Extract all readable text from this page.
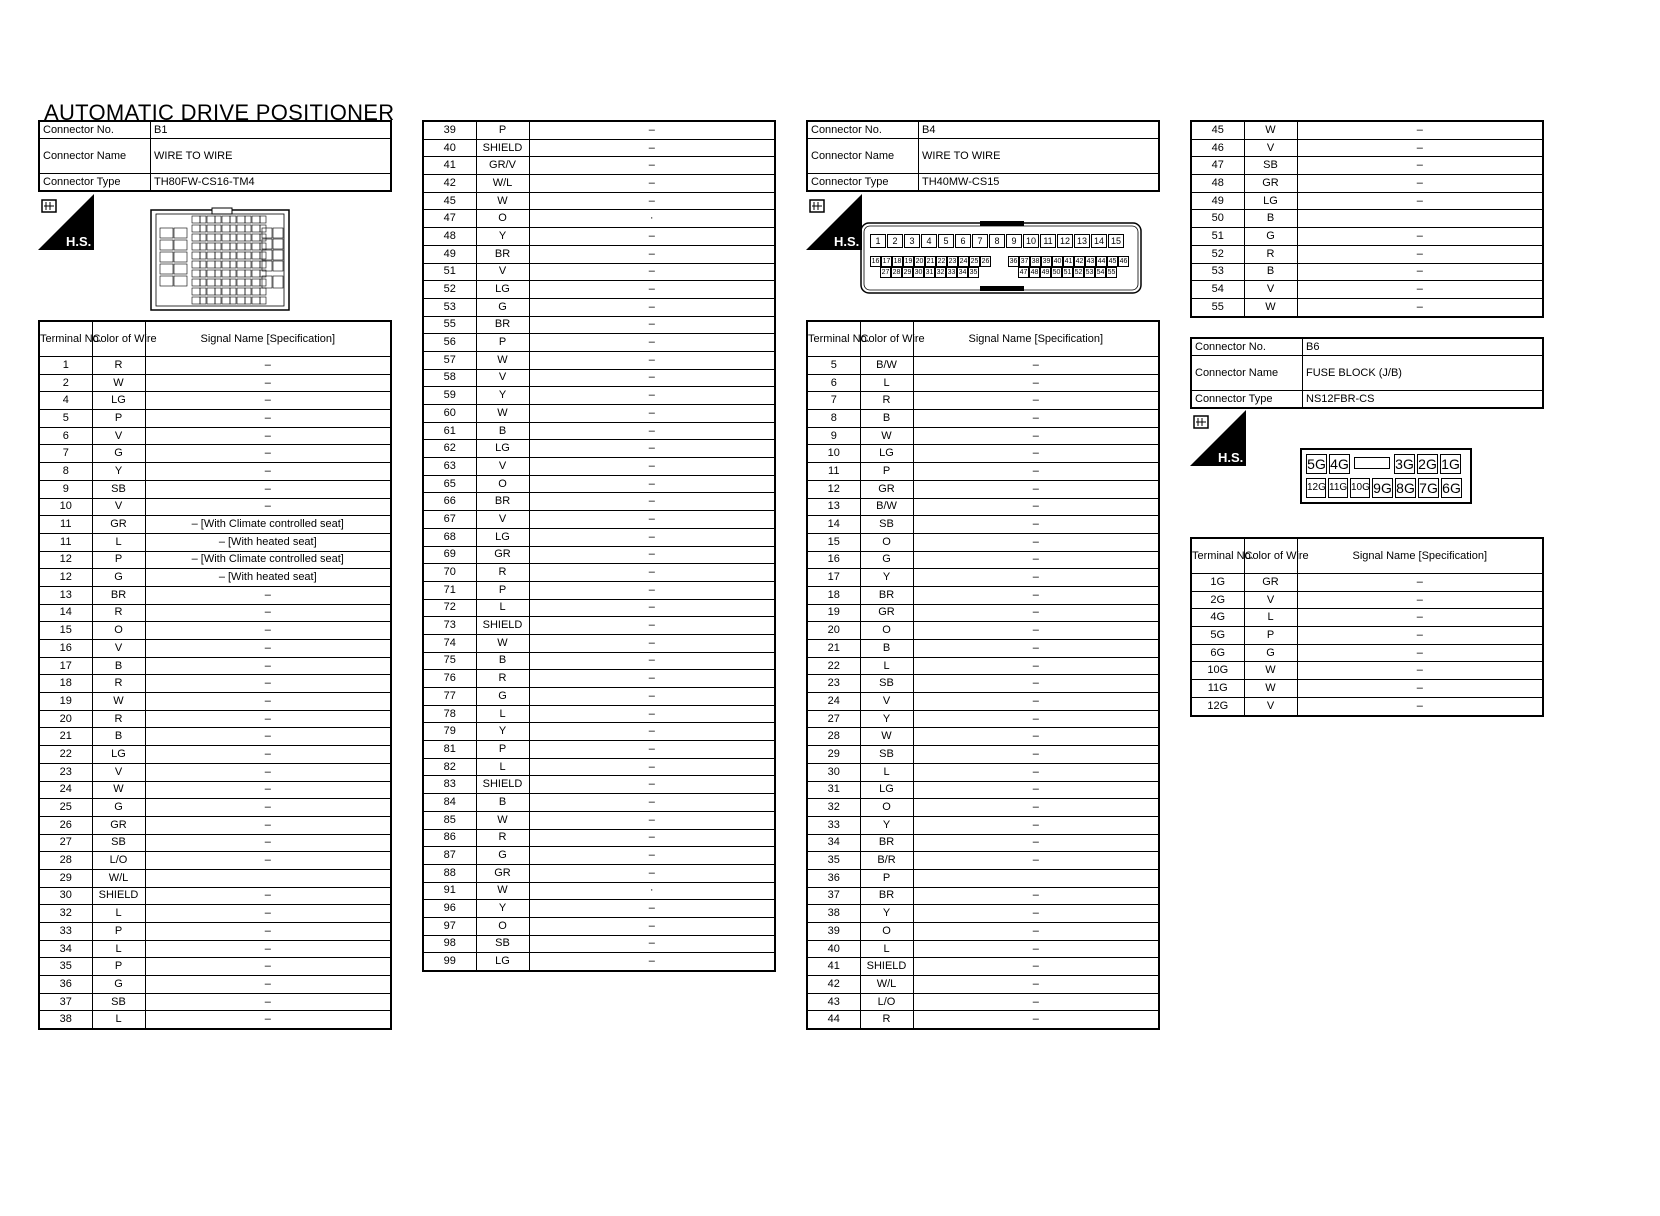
AUTOMATIC DRIVE POSITIONER
Connector No.	B1
Connector Name	WIRE TO WIRE
Connector Type	TH80FW-CS16-TM4
H.S.
Terminal No.	Color of Wire	Signal Name [Specification]
1	R	–
2	W	–
4	LG	–
5	P	–
6	V	–
7	G	–
8	Y	–
9	SB	–
10	V	–
11	GR	– [With Climate controlled seat]
11	L	– [With heated seat]
12	P	– [With Climate controlled seat]
12	G	– [With heated seat]
13	BR	–
14	R	–
15	O	–
16	V	–
17	B	–
18	R	–
19	W	–
20	R	–
21	B	–
22	LG	–
23	V	–
24	W	–
25	G	–
26	GR	–
27	SB	–
28	L/O	–
29	W/L	
30	SHIELD	–
32	L	–
33	P	–
34	L	–
35	P	–
36	G	–
37	SB	–
38	L	–
39	P	–
40	SHIELD	–
41	GR/V	–
42	W/L	–
45	W	–
47	O	·
48	Y	–
49	BR	–
51	V	–
52	LG	–
53	G	–
55	BR	–
56	P	–
57	W	–
58	V	–
59	Y	–
60	W	–
61	B	–
62	LG	–
63	V	–
65	O	–
66	BR	–
67	V	–
68	LG	–
69	GR	–
70	R	–
71	P	–
72	L	–
73	SHIELD	–
74	W	–
75	B	–
76	R	–
77	G	–
78	L	–
79	Y	–
81	P	–
82	L	–
83	SHIELD	–
84	B	–
85	W	–
86	R	–
87	G	–
88	GR	–
91	W	·
96	Y	–
97	O	–
98	SB	–
99	LG	–
Connector No.	B4
Connector Name	WIRE TO WIRE
Connector Type	TH40MW-CS15
H.S.	1	2	3	4	5	6	7	8	9	10 11 12 13 14 15
16 17 18 19 20 21 22 23 24 25 26
27 28 29 30 31 32 33 34 35
36 37 38 39 40 41 42 43 44 45 46
47 48 49 50 51 52 53 54 55
Terminal No.	Color of Wire	Signal Name [Specification]
5	B/W	–
6	L	–
7	R	–
8	B	–
9	W	–
10	LG	–
11	P	–
12	GR	–
13	B/W	–
14	SB	–
15	O	–
16	G	–
17	Y	–
18	BR	–
19	GR	–
20	O	–
21	B	–
22	L	–
23	SB	–
24	V	–
27	Y	–
28	W	–
29	SB	–
30	L	–
31	LG	–
32	O	–
33	Y	–
34	BR	–
35	B/R	–
36	P	
37	BR	–
38	Y	–
39	O	–
40	L	–
41	SHIELD	–
42	W/L	–
43	L/O	–
44	R	–
45	W	–
46	V	–
47	SB	–
48	GR	–
49	LG	–
50	B	
51	G	–
52	R	–
53	B	–
54	V	–
55	W	–
Connector No.	B6
Connector Name	FUSE BLOCK (J/B)
Connector Type	NS12FBR-CS
H.S.	5G 4G	3G 2G 1G
12G 11G 10G 9G 8G 7G 6G
Terminal No.	Color of Wire	Signal Name [Specification]
1G	GR	–
2G	V	–
4G	L	–
5G	P	–
6G	G	–
10G	W	–
11G	W	–
12G	V	–
